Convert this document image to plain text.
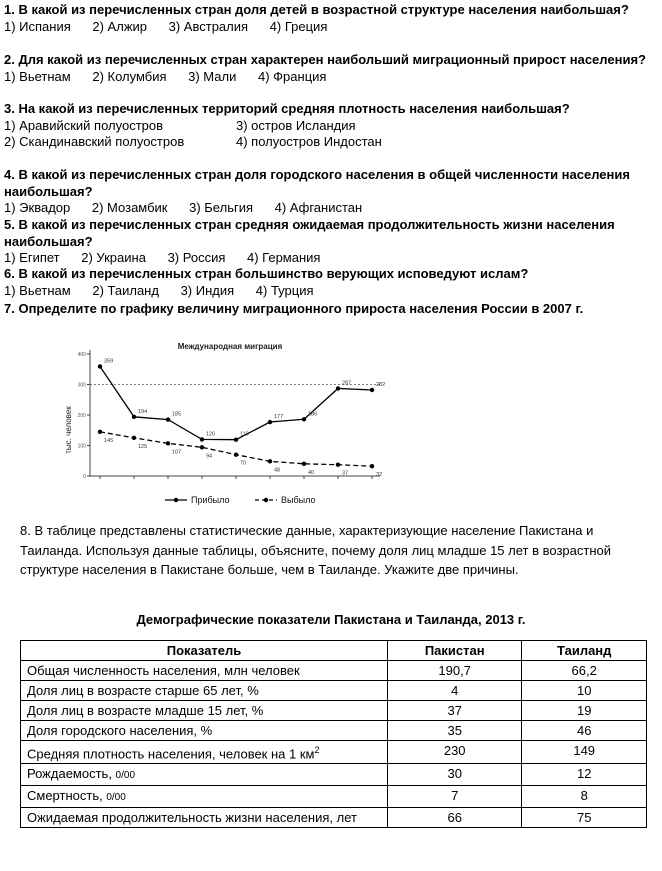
1. В какой из перечисленных стран доля детей в возрастной структуре населения наибольшая?
1) Испания 2) Алжир 3) Австралия 4) Греция
2. Для какой из перечисленных стран характерен наибольший миграционный прирост населения?
1) Вьетнам 2) Колумбия 3) Мали 4) Франция
3. На какой из перечисленных территорий средняя плотность населения наибольшая?
1) Аравийский полуостров	3) остров Исландия
2) Скандинавский полуостров	4) полуостров Индостан
4. В какой из перечисленных стран доля городского населения в общей численности населения наибольшая?
1) Эквадор 2) Мозамбик 3) Бельгия 4) Афганистан
5. В какой из перечисленных стран средняя ожидаемая продолжительность жизни населения наибольшая?
1) Египет 2) Украина 3) Россия 4) Германия
6. В какой из перечисленных стран большинство верующих исповедуют ислам?
1) Вьетнам 2) Таиланд 3) Индия 4) Турция
7. Определите по графику величину миграционного прироста населения России в 2007 г.
Международная миграция
тыс. человек
400
300
200
100
0
359
194	185
120	119
177	186
287	282
145
125
107
94
70
48	40	37	32
Прибыло	Выбыло
8. В таблице представлены статистические данные, характеризующие население Пакистана и Таиланда. Используя данные таблицы, объясните, почему доля лиц младше 15 лет в возрастной структуре населения в Пакистане больше, чем в Таиланде. Укажите две причины.
Демографические показатели Пакистана и Таиланда, 2013 г.
Показатель	Пакистан	Таиланд
Общая численность населения, млн человек	190,7	66,2
Доля лиц в возрасте старше 65 лет, %	4	10
Доля лиц в возрасте младше 15 лет, %	37	19
Доля городского населения, %	35	46
Средняя плотность населения, человек на 1 $км^2$	230	149
Рождаемость, 0/00	30	12
Смертность, 0/00	7	8
Ожидаемая продолжительность жизни населения, лет	66	75
